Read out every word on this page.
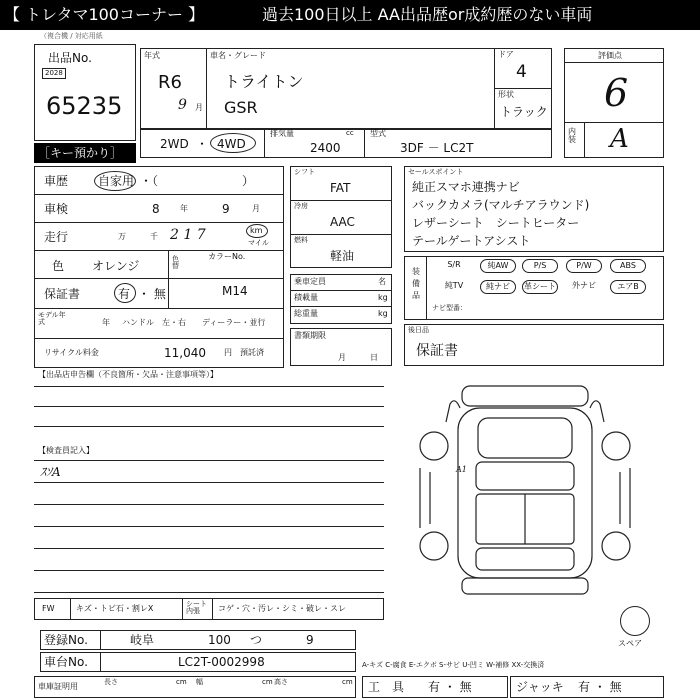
【 トレタマ100コーナー 】	過去100日以上 AA出品歴or成約歴のない車両
（複合機 / 対応用紙
出品No.
2028
65235
［キー預かり］
年式
R6
9 月
車名・グレード
トライトン
GSR
ドア
4
形状
トラック
評価点
6
内装 A
2WD ・ 4WD
排気量	cc
2400
型式
3DF － LC2T
車歴 自家用 ・（　　　　　　　）
車検	8	年	9	月
走行	万	千 2 1 7	km
マイル
色 オレンジ	色替
カラーNo.
M14
保証書	有 ・ 無
モデル年式	年 ハンドル　左・右 ディーラー・並行
リサイクル料金	11,040 円 預託済
シフト
FAT
冷房
AAC
燃料
軽油
乗車定員	名
積載量	kg
総重量	kg
書類期限
月　　　日
セールスポイント
純正スマホ連携ナビ
バックカメラ(マルチアラウンド)
レザーシート　シートヒーター
テールゲートアシスト
装備品
S/R	純AW	P/S	P/W	ABS
純TV	純ナビ	革シート	外ナビ	エアB
ナビ型番：
後日品
保証書
【出品店申告欄（不良箇所・欠品・注意事項等）】
【検査員記入】
ｽｿA
FW	キズ・トビ石・割レX	シート内張	コゲ・穴・汚レ・シミ・破レ・スレ
A1
スペア
登録No.	岐阜	100 つ	9
車台No.	LC2T-0002998	A-キズ C-腐食 E-エクボ S-サビ U-凹ミ W-補修 XX-交換済
車庫証明用	長さ	cm 幅	cm 高さ	cm 工　具 有 ・ 無	ジャッキ 有 ・ 無
